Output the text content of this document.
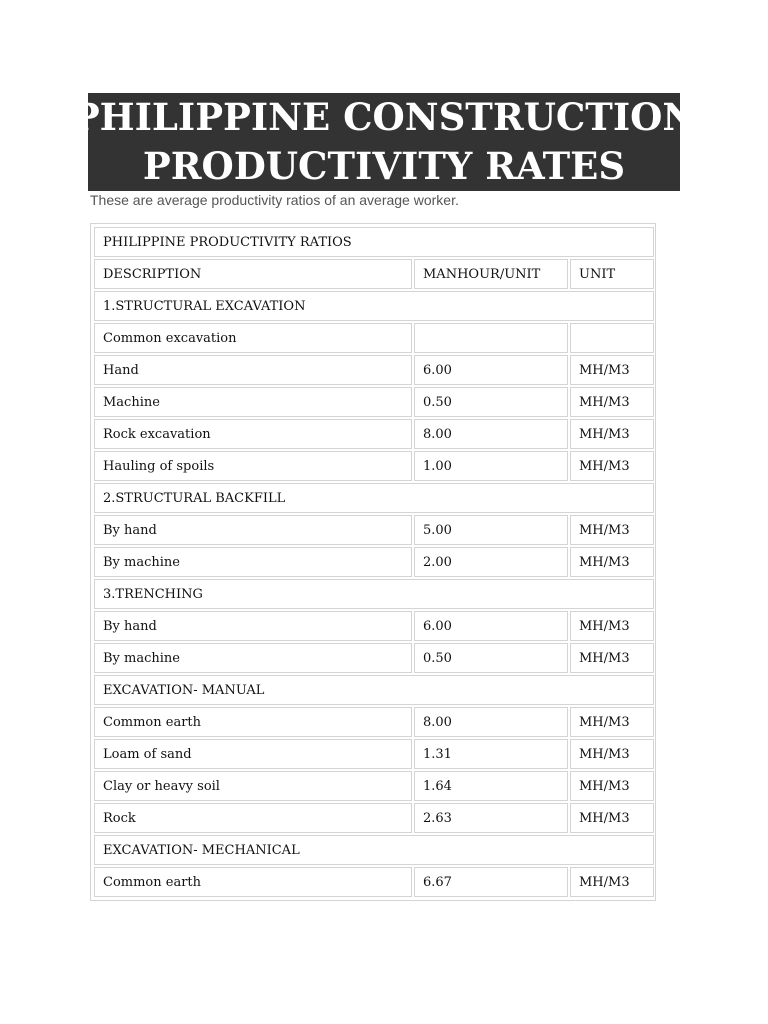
PHILIPPINE CONSTRUCTION
PRODUCTIVITY RATES
These are average productivity ratios of an average worker.
PHILIPPINE PRODUCTIVITY RATIOS		
DESCRIPTION	MANHOUR/UNIT	UNIT
1.STRUCTURAL EXCAVATION		
Common excavation		
Hand	6.00	MH/M3
Machine	0.50	MH/M3
Rock excavation	8.00	MH/M3
Hauling of spoils	1.00	MH/M3
2.STRUCTURAL BACKFILL		
By hand	5.00	MH/M3
By machine	2.00	MH/M3
3.TRENCHING		
By hand	6.00	MH/M3
By machine	0.50	MH/M3
EXCAVATION- MANUAL		
Common earth	8.00	MH/M3
Loam of sand	1.31	MH/M3
Clay or heavy soil	1.64	MH/M3
Rock	2.63	MH/M3
EXCAVATION- MECHANICAL		
Common earth	6.67	MH/M3
